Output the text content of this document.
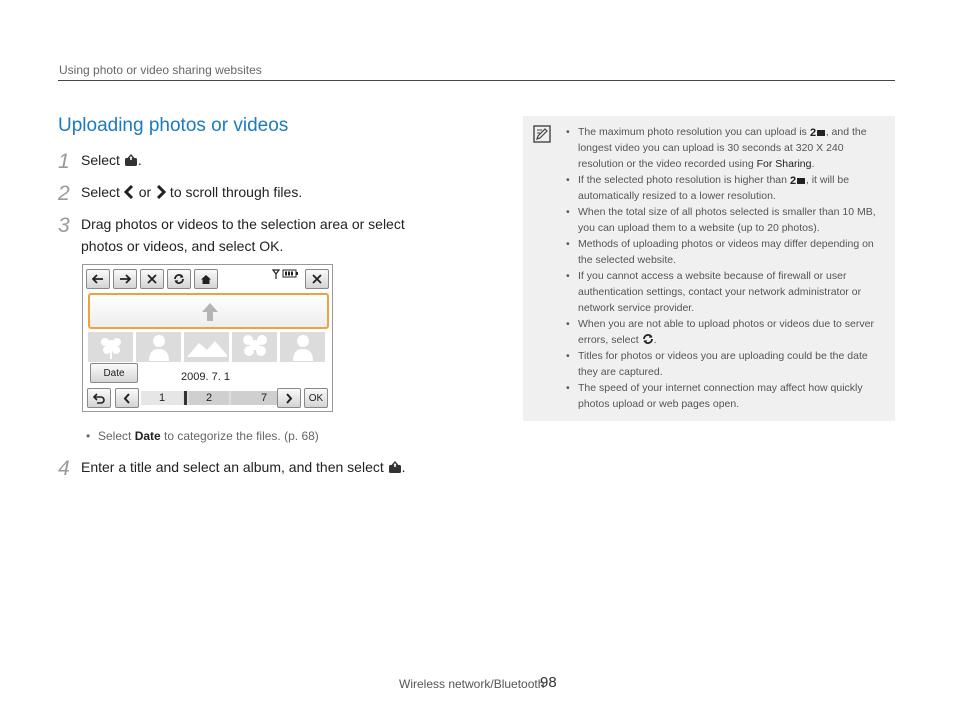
Using photo or video sharing websites
Uploading photos or videos
1 Select .
2 Select  or  to scroll through files.
3 Drag photos or videos to the selection area or select
photos or videos, and select OK.
Date	2009. 7. 1
1	2	7	OK
• Select Date to categorize the files. (p. 68)
4 Enter a title and select an album, and then select .
• The maximum photo resolution you can upload is 2 , and the longest video you can upload is 30 seconds at 320 X 240 resolution or the video recorded using For Sharing.
• If the selected photo resolution is higher than 2 , it will be automatically resized to a lower resolution.
• When the total size of all photos selected is smaller than 10 MB, you can upload them to a website (up to 20 photos).
• Methods of uploading photos or videos may differ depending on the selected website.
• If you cannot access a website because of firewall or user authentication settings, contact your network administrator or network service provider.
• When you are not able to upload photos or videos due to server errors, select .
• Titles for photos or videos you are uploading could be the date they are captured.
• The speed of your internet connection may affect how quickly photos upload or web pages open.
Wireless network/Bluetooth
98
